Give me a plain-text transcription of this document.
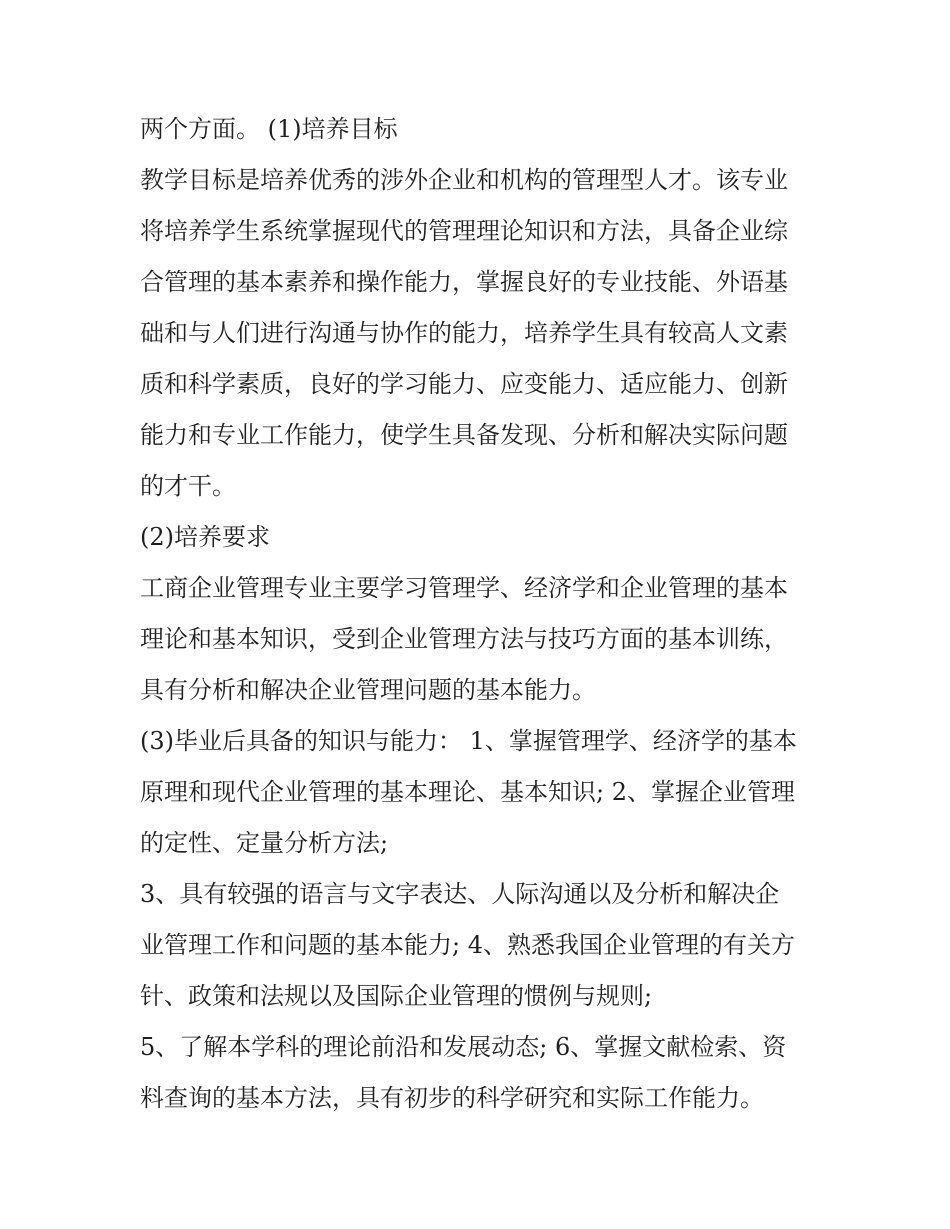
两个方面。 (1)培养目标
教学目标是培养优秀的涉外企业和机构的管理型人才。该专业
将培养学生系统掌握现代的管理理论知识和方法，具备企业综
合管理的基本素养和操作能力，掌握良好的专业技能、外语基
础和与人们进行沟通与协作的能力，培养学生具有较高人文素
质和科学素质，良好的学习能力、应变能力、适应能力、创新
能力和专业工作能力，使学生具备发现、分析和解决实际问题
的才干。
(2)培养要求
工商企业管理专业主要学习管理学、经济学和企业管理的基本
理论和基本知识，受到企业管理方法与技巧方面的基本训练，
具有分析和解决企业管理问题的基本能力。
(3)毕业后具备的知识与能力： 1、掌握管理学、经济学的基本
原理和现代企业管理的基本理论、基本知识; 2、掌握企业管理
的定性、定量分析方法;
3、具有较强的语言与文字表达、人际沟通以及分析和解决企
业管理工作和问题的基本能力; 4、熟悉我国企业管理的有关方
针、政策和法规以及国际企业管理的惯例与规则;
5、了解本学科的理论前沿和发展动态; 6、掌握文献检索、资
料查询的基本方法，具有初步的科学研究和实际工作能力。
